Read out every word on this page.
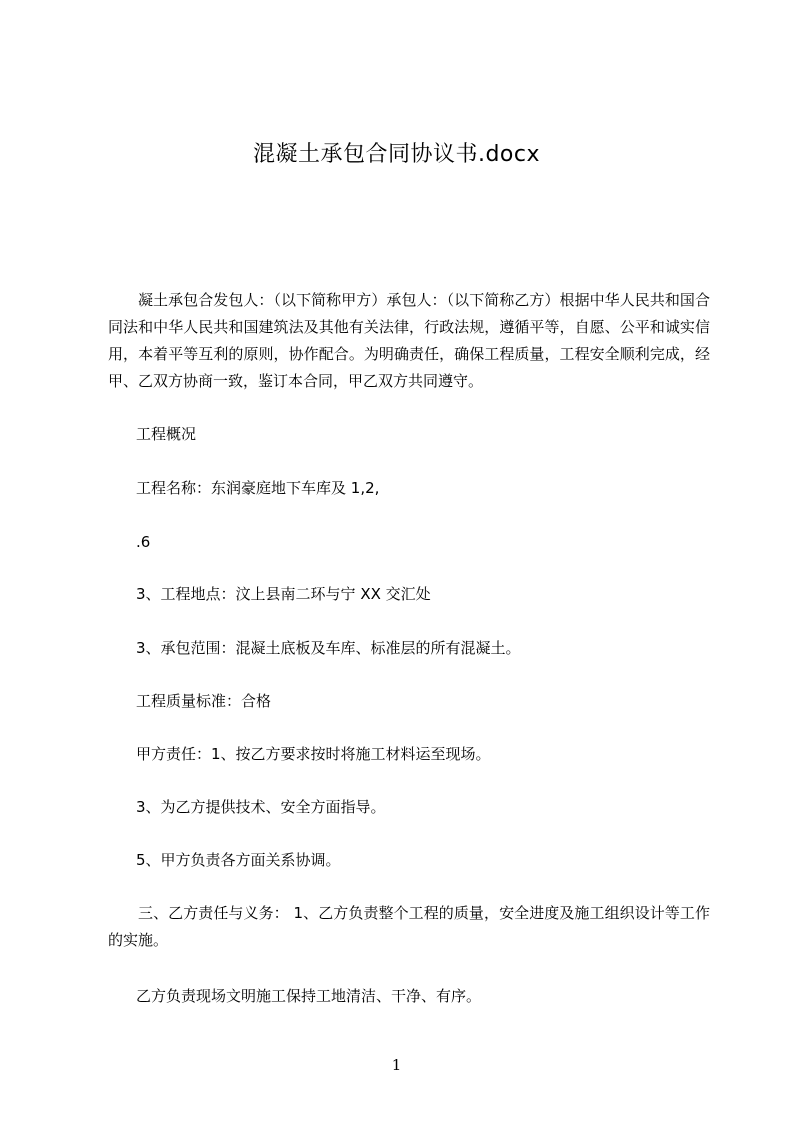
混凝土承包合同协议书.docx
凝土承包合发包人：（以下简称甲方）承包人：（以下简称乙方）根据中华人民共和国合同法和中华人民共和国建筑法及其他有关法律，行政法规，遵循平等，自愿、公平和诚实信用，本着平等互利的原则，协作配合。为明确责任，确保工程质量，工程安全顺利完成，经甲、乙双方协商一致，鉴订本合同，甲乙双方共同遵守。
工程概况
工程名称：东润豪庭地下车库及 1,2,
.6
3、工程地点：汶上县南二环与宁 XX 交汇处
3、承包范围：混凝土底板及车库、标准层的所有混凝土。
工程质量标准：合格
甲方责任：1、按乙方要求按时将施工材料运至现场。
3、为乙方提供技术、安全方面指导。
5、甲方负责各方面关系协调。
三、乙方责任与义务： 1、乙方负责整个工程的质量，安全进度及施工组织设计等工作的实施。
乙方负责现场文明施工保持工地清洁、干净、有序。
1
